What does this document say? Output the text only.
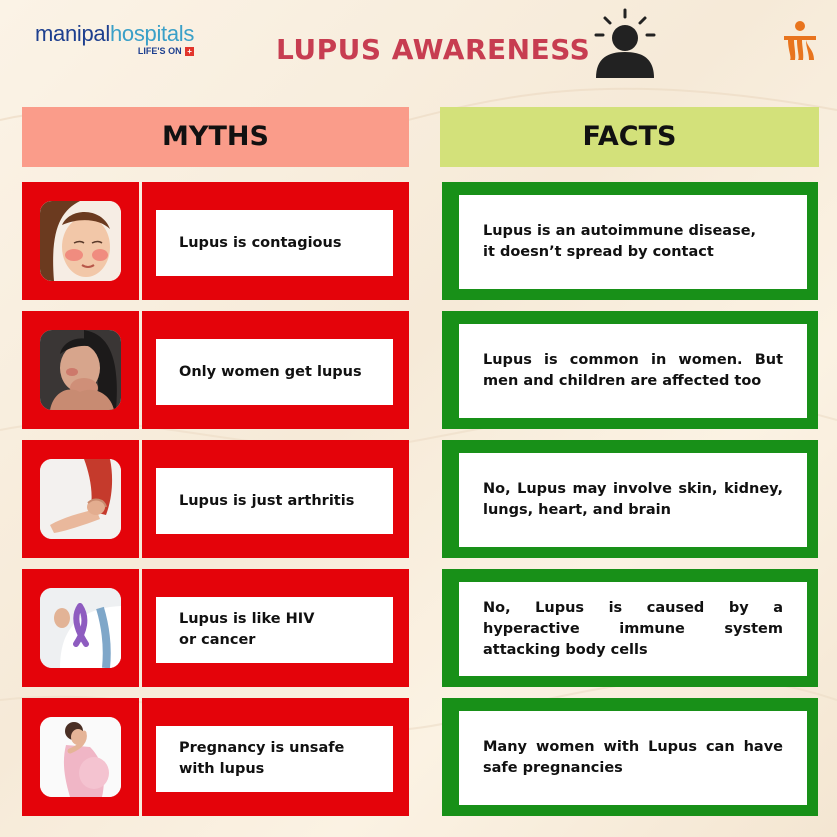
manipalhospitals
LIFE'S ON +	LUPUS AWARENESS
MYTHS	FACTS
Lupus is contagious
Lupus is an autoimmune disease,
it doesn’t spread by contact
Only women get lupus
Lupus is common in women. But men and children are affected too
Lupus is just arthritis
No, Lupus may involve skin, kidney, lungs, heart, and brain
Lupus is like HIV
or cancer
No, Lupus is caused by a hyperactive immune system attacking body cells
Pregnancy is unsafe
with lupus
Many women with Lupus can have safe pregnancies
